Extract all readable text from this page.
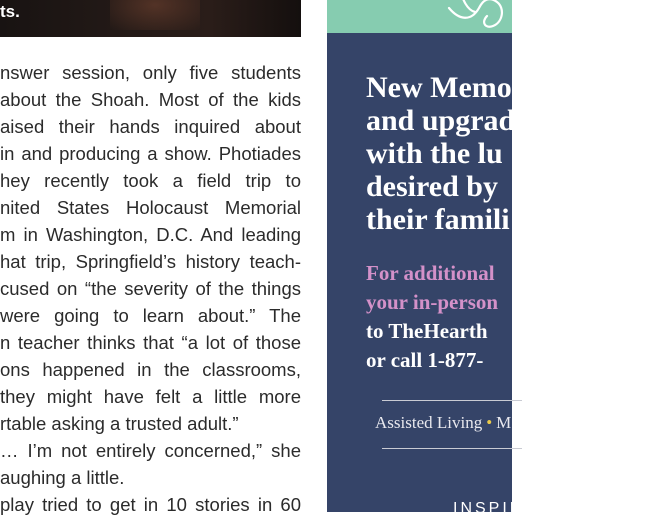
ts.
nswer session, only five students
about the Shoah. Most of the kids
aised their hands inquired about
in and producing a show. Photiades
hey recently took a field trip to
nited States Holocaust Memorial
m in Washington, D.C. And leading
hat trip, Springfield’s history teach-
cused on “the severity of the things
were going to learn about.” The
n teacher thinks that “a lot of those
ons happened in the classrooms,
they might have felt a little more
rtable asking a trusted adult.”
… I’m not entirely concerned,” she
aughing a little.
play tried to get in 10 stories in 60
New Memo
and upgrad
with the lu
desired by
their famili
For additional
your in-person
to TheHearth
or call 1-877-
Assisted Living • M
INSPIR
